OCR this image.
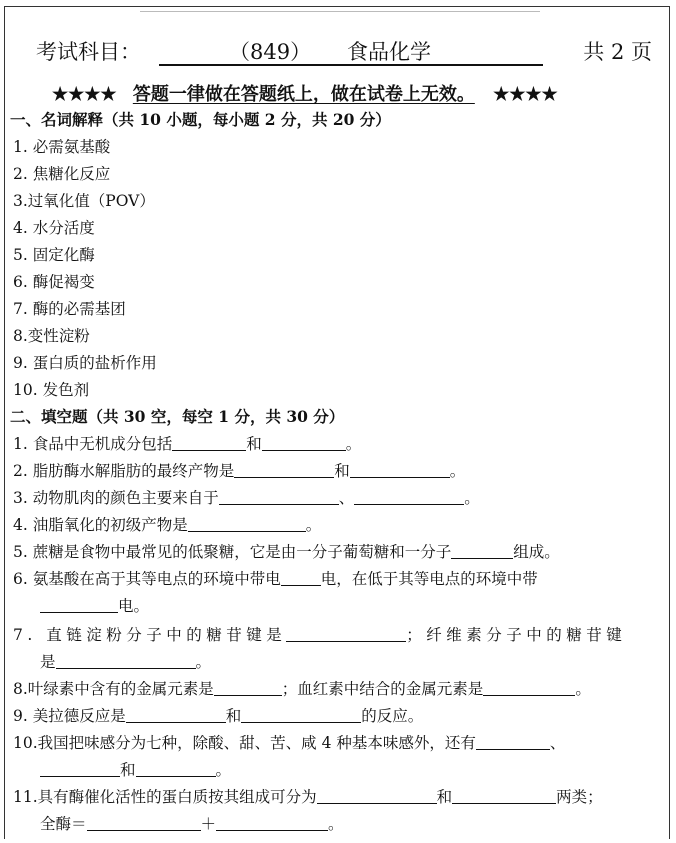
考试科目：	（849） 食品化学	共 2 页
★★★★ 答题一律做在答题纸上，做在试卷上无效。 ★★★★
一、名词解释（共 10 小题，每小题 2 分，共 20 分）
1. 必需氨基酸
2. 焦糖化反应
3.过氧化值（POV）
4. 水分活度
5. 固定化酶
6. 酶促褐变
7. 酶的必需基团
8.变性淀粉
9. 蛋白质的盐析作用
10. 发色剂
二、填空题（共 30 空，每空 1 分，共 30 分）
1. 食品中无机成分包括	和	。
2. 脂肪酶水解脂肪的最终产物是	和	。
3. 动物肌肉的颜色主要来自于	、	。
4. 油脂氧化的初级产物是	。
5. 蔗糖是食物中最常见的低聚糖，它是由一分子葡萄糖和一分子	组成。
6. 氨基酸在高于其等电点的环境中带电	电，在低于其等电点的环境中带
电。
7. 直链淀粉分子中的糖苷键是	；纤维素分子中的糖苷键
是	。
8.叶绿素中含有的金属元素是	；血红素中结合的金属元素是	。
9. 美拉德反应是	和	的反应。
10.我国把味感分为七种，除酸、甜、苦、咸 4 种基本味感外，还有	、
和	。
11.具有酶催化活性的蛋白质按其组成可分为	和	两类；
全酶＝	＋	。
